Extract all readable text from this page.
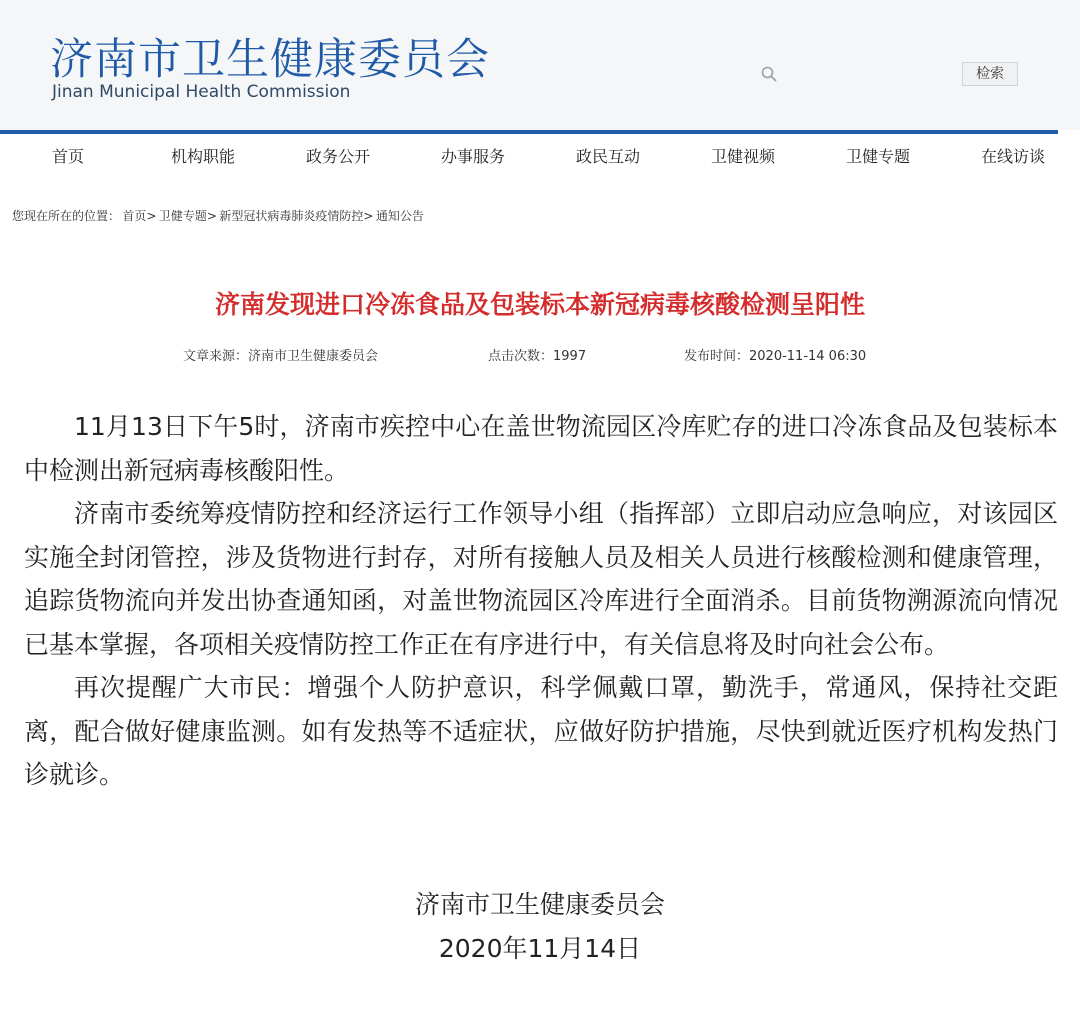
济南市卫生健康委员会
Jinan Municipal Health Commission
检索
首页	机构职能	政务公开	办事服务	政民互动	卫健视频	卫健专题	在线访谈
您现在所在的位置：  首页>  卫健专题>  新型冠状病毒肺炎疫情防控>  通知公告
济南发现进口冷冻食品及包装标本新冠病毒核酸检测呈阳性
文章来源：济南市卫生健康委员会	点击次数：1997	发布时间：2020-11-14 06:30

11月13日下午5时，济南市疾控中心在盖世物流园区冷库贮存的进口冷冻食品及包装标本中检测出新冠病毒核酸阳性。

济南市委统筹疫情防控和经济运行工作领导小组（指挥部）立即启动应急响应，对该园区实施全封闭管控，涉及货物进行封存，对所有接触人员及相关人员进行核酸检测和健康管理，追踪货物流向并发出协查通知函，对盖世物流园区冷库进行全面消杀。目前货物溯源流向情况已基本掌握，各项相关疫情防控工作正在有序进行中，有关信息将及时向社会公布。

再次提醒广大市民：增强个人防护意识，科学佩戴口罩，勤洗手，常通风，保持社交距离，配合做好健康监测。如有发热等不适症状，应做好防护措施，尽快到就近医疗机构发热门诊就诊。

济南市卫生健康委员会
2020年11月14日
